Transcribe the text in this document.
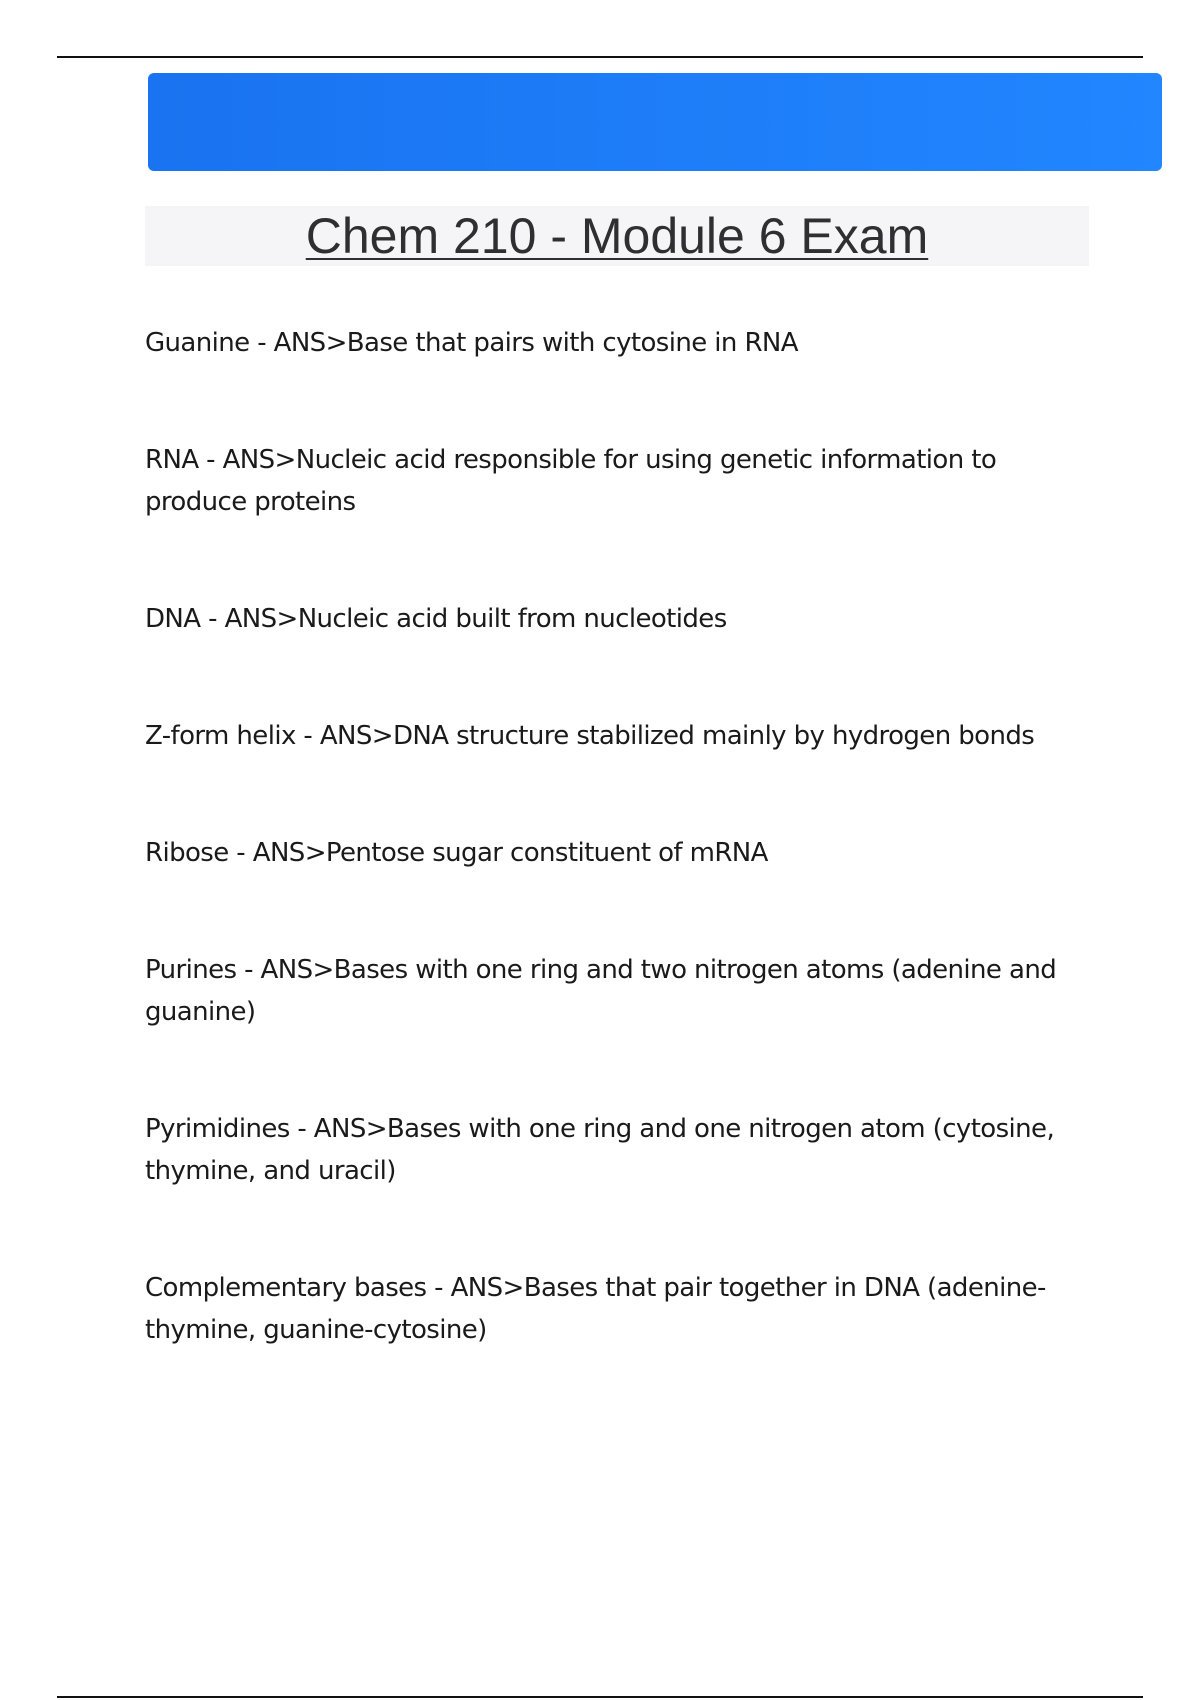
Chem 210 - Module 6 Exam
Guanine - ANS>Base that pairs with cytosine in RNA
RNA - ANS>Nucleic acid responsible for using genetic information to produce proteins
DNA - ANS>Nucleic acid built from nucleotides
Z-form helix - ANS>DNA structure stabilized mainly by hydrogen bonds
Ribose - ANS>Pentose sugar constituent of mRNA
Purines - ANS>Bases with one ring and two nitrogen atoms (adenine and guanine)
Pyrimidines - ANS>Bases with one ring and one nitrogen atom (cytosine, thymine, and uracil)
Complementary bases - ANS>Bases that pair together in DNA (adenine-thymine, guanine-cytosine)
